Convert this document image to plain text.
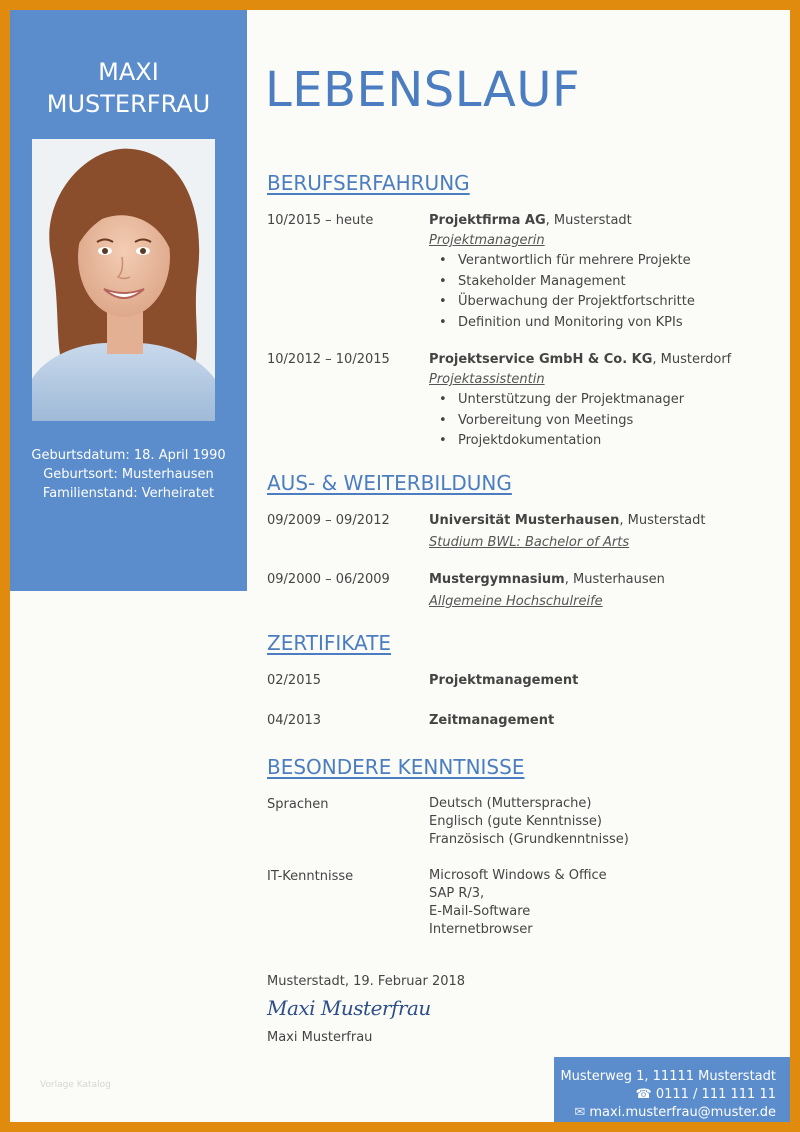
MAXI
MUSTERFRAU
Geburtsdatum: 18. April 1990
Geburtsort: Musterhausen
Familienstand: Verheiratet
LEBENSLAUF
BERUFSERFAHRUNG
10/2015 – heute	Projektfirma AG, Musterstadt
Projektmanagerin
• Verantwortlich für mehrere Projekte
• Stakeholder Management
• Überwachung der Projektfortschritte
• Definition und Monitoring von KPIs
10/2012 – 10/2015	Projektservice GmbH & Co. KG, Musterdorf
Projektassistentin
• Unterstützung der Projektmanager
• Vorbereitung von Meetings
• Projektdokumentation
AUS- & WEITERBILDUNG
09/2009 – 09/2012	Universität Musterhausen, Musterstadt
Studium BWL: Bachelor of Arts
09/2000 – 06/2009	Mustergymnasium, Musterhausen
Allgemeine Hochschulreife
ZERTIFIKATE
02/2015	Projektmanagement
04/2013	Zeitmanagement
BESONDERE KENNTNISSE
Sprachen	Deutsch (Muttersprache)
Englisch (gute Kenntnisse)
Französisch (Grundkenntnisse)
IT-Kenntnisse	Microsoft Windows & Office
SAP R/3,
E-Mail-Software
Internetbrowser
Musterstadt, 19. Februar 2018
Maxi Musterfrau
Maxi Musterfrau
Vorlage Katalog
Musterweg 1, 11111 Musterstadt
☎ 0111 / 111 111 11
✉ maxi.musterfrau@muster.de
